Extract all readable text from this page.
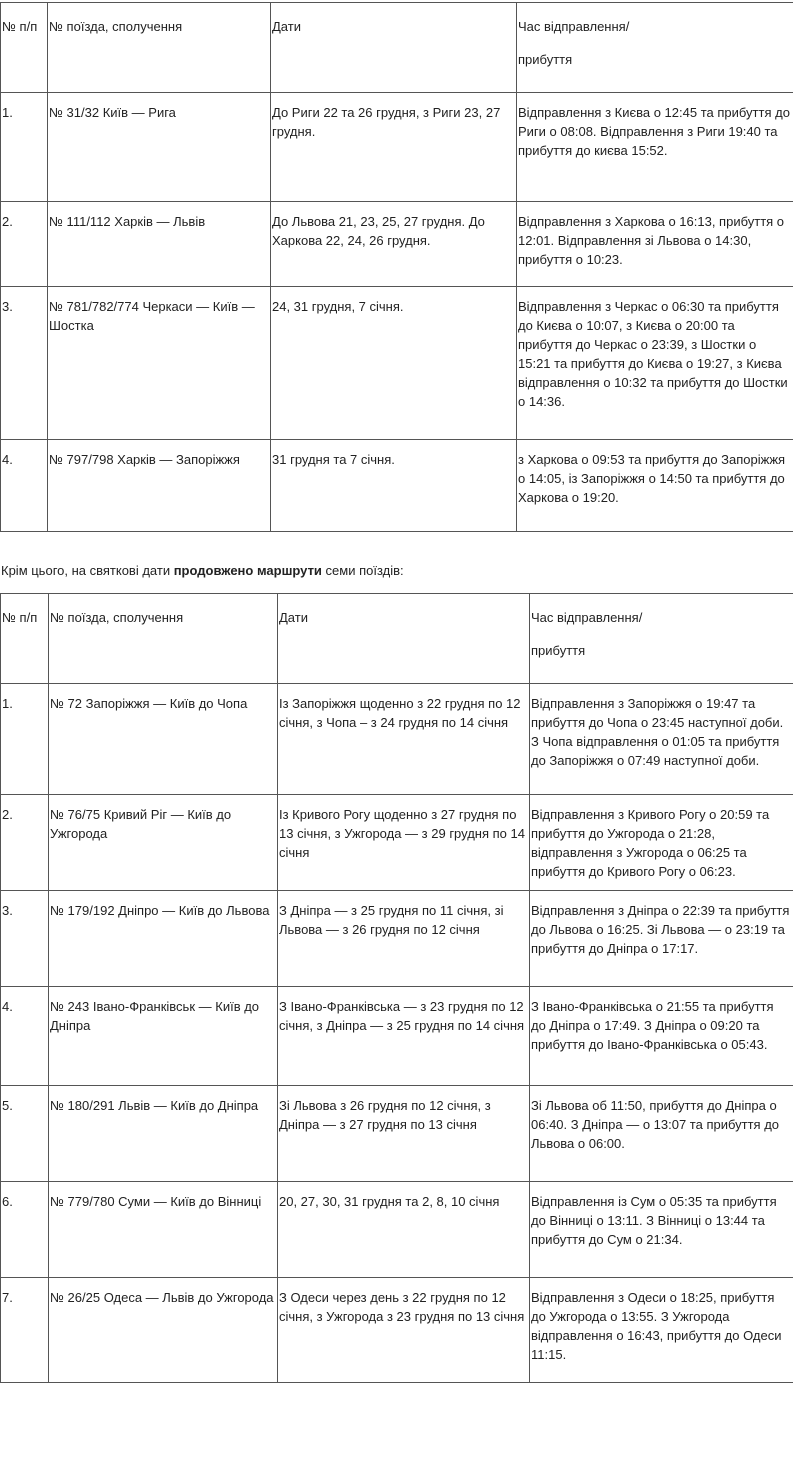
№ п/п	№ поїзда, сполучення	Дати	Час відправлення/
прибуття

1.	№ 31/32 Київ — Рига	До Риги 22 та 26 грудня, з Риги 23, 27 грудня.	Відправлення з Києва о 12:45 та прибуття до Риги о 08:08. Відправлення з Риги 19:40 та прибуття до києва 15:52.
2.	№ 111/112 Харків — Львів	До Львова 21, 23, 25, 27 грудня. До Харкова 22, 24, 26 грудня.	Відправлення з Харкова о 16:13, прибуття о 12:01. Відправлення зі Львова о 14:30, прибуття о 10:23.
3.	№ 781/782/774 Черкаси — Київ — Шостка	24, 31 грудня, 7 січня.	Відправлення з Черкас о 06:30 та прибуття до Києва о 10:07, з Києва о 20:00 та прибуття до Черкас о 23:39, з Шостки о 15:21 та прибуття до Києва о 19:27, з Києва відправлення о 10:32 та прибуття до Шостки о 14:36.
4.	№ 797/798 Харків — Запоріжжя	31 грудня та 7 січня.	з Харкова о 09:53 та прибуття до Запоріжжя о 14:05, із Запоріжжя о 14:50 та прибуття до Харкова о 19:20.
Крім цього, на святкові дати продовжено маршрути семи поїздів:
№ п/п	№ поїзда, сполучення	Дати	Час відправлення/
прибуття

1.	№ 72 Запоріжжя — Київ до Чопа	Із Запоріжжя щоденно з 22 грудня по 12 січня, з Чопа – з 24 грудня по 14 січня	Відправлення з Запоріжжя о 19:47 та прибуття до Чопа о 23:45 наступної доби. З Чопа відправлення о 01:05 та прибуття до Запоріжжя о 07:49 наступної доби.
2.	№ 76/75 Кривий Ріг — Київ до Ужгорода	Із Кривого Рогу щоденно з 27 грудня по 13 січня, з Ужгорода — з 29 грудня по 14 січня	Відправлення з Кривого Рогу о 20:59 та прибуття до Ужгорода о 21:28, відправлення з Ужгорода о 06:25 та прибуття до Кривого Рогу о 06:23.
3.	№ 179/192 Дніпро — Київ до Львова	З Дніпра — з 25 грудня по 11 січня, зі Львова — з 26 грудня по 12 січня	Відправлення з Дніпра о 22:39 та прибуття до Львова о 16:25. Зі Львова — о 23:19 та прибуття до Дніпра о 17:17.
4.	№ 243 Івано-Франківськ — Київ до Дніпра	З Івано-Франківська — з 23 грудня по 12 січня, з Дніпра — з 25 грудня по 14 січня	З Івано-Франківська о 21:55 та прибуття до Дніпра о 17:49. З Дніпра о 09:20 та прибуття до Івано-Франківська о 05:43.
5.	№ 180/291 Львів — Київ до Дніпра	Зі Львова з 26 грудня по 12 січня, з Дніпра — з 27 грудня по 13 січня	Зі Львова об 11:50, прибуття до Дніпра о 06:40. З Дніпра — о 13:07 та прибуття до Львова о 06:00.
6.	№ 779/780 Суми — Київ до Вінниці	20, 27, 30, 31 грудня та 2, 8, 10 січня	Відправлення із Сум о 05:35 та прибуття до Вінниці о 13:11. З Вінниці о 13:44 та прибуття до Сум о 21:34.
7.	№ 26/25 Одеса — Львів до Ужгорода	З Одеси через день з 22 грудня по 12 січня, з Ужгорода з 23 грудня по 13 січня	Відправлення з Одеси о 18:25, прибуття до Ужгорода о 13:55. З Ужгорода відправлення о 16:43, прибуття до Одеси 11:15.
